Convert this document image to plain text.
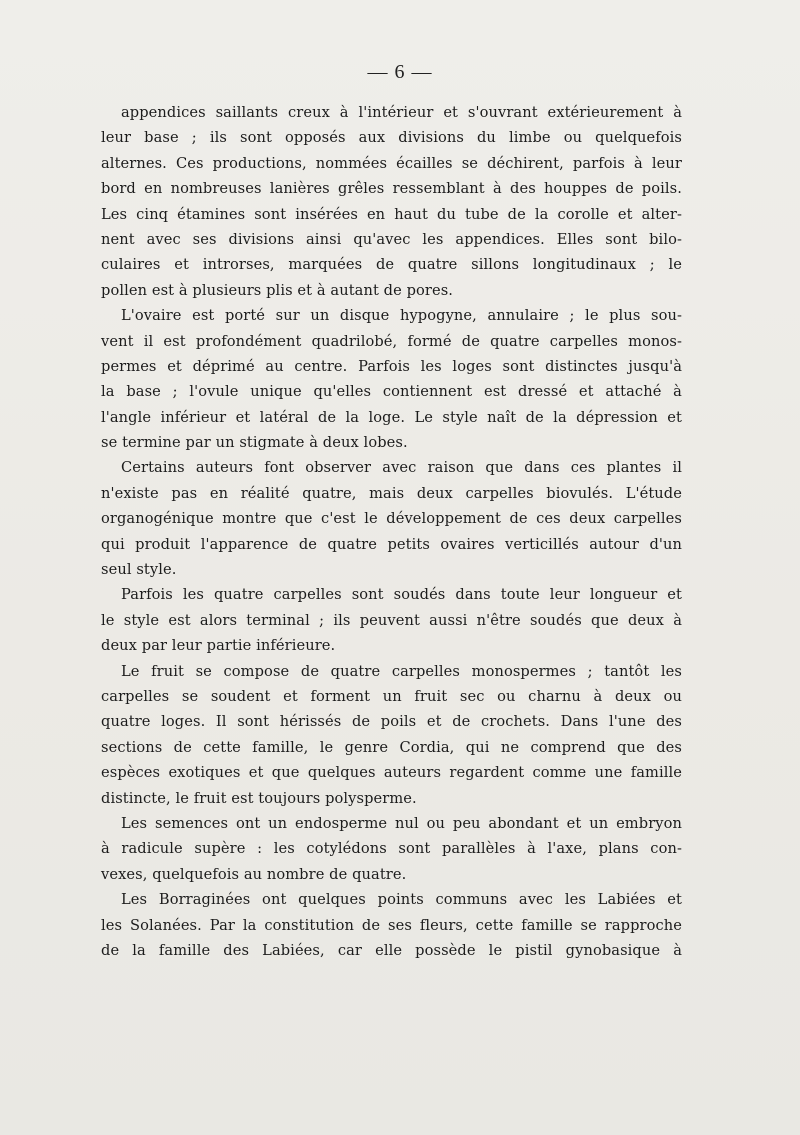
— 6 —
appendices saillants creux à l'intérieur et s'ouvrant extérieurement à
leur base ; ils sont opposés aux divisions du limbe ou quelquefois
alternes. Ces productions, nommées écailles se déchirent, parfois à leur
bord en nombreuses lanières grêles ressemblant à des houppes de poils.
Les cinq étamines sont insérées en haut du tube de la corolle et alter-
nent avec ses divisions ainsi qu'avec les appendices. Elles sont bilo-
culaires et introrses, marquées de quatre sillons longitudinaux ; le
pollen est à plusieurs plis et à autant de pores.
L'ovaire est porté sur un disque hypogyne, annulaire ; le plus sou-
vent il est profondément quadrilobé, formé de quatre carpelles monos-
permes et déprimé au centre. Parfois les loges sont distinctes jusqu'à
la base ; l'ovule unique qu'elles contiennent est dressé et attaché à
l'angle inférieur et latéral de la loge. Le style naît de la dépression et
se termine par un stigmate à deux lobes.
Certains auteurs font observer avec raison que dans ces plantes il
n'existe pas en réalité quatre, mais deux carpelles biovulés. L'étude
organogénique montre que c'est le développement de ces deux carpelles
qui produit l'apparence de quatre petits ovaires verticillés autour d'un
seul style.
Parfois les quatre carpelles sont soudés dans toute leur longueur et
le style est alors terminal ; ils peuvent aussi n'être soudés que deux à
deux par leur partie inférieure.
Le fruit se compose de quatre carpelles monospermes ; tantôt les
carpelles se soudent et forment un fruit sec ou charnu à deux ou
quatre loges. Il sont hérissés de poils et de crochets. Dans l'une des
sections de cette famille, le genre Cordia, qui ne comprend que des
espèces exotiques et que quelques auteurs regardent comme une famille
distincte, le fruit est toujours polysperme.
Les semences ont un endosperme nul ou peu abondant et un embryon
à radicule supère : les cotylédons sont parallèles à l'axe, plans con-
vexes, quelquefois au nombre de quatre.
Les Borraginées ont quelques points communs avec les Labiées et
les Solanées. Par la constitution de ses fleurs, cette famille se rapproche
de la famille des Labiées, car elle possède le pistil gynobasique à
